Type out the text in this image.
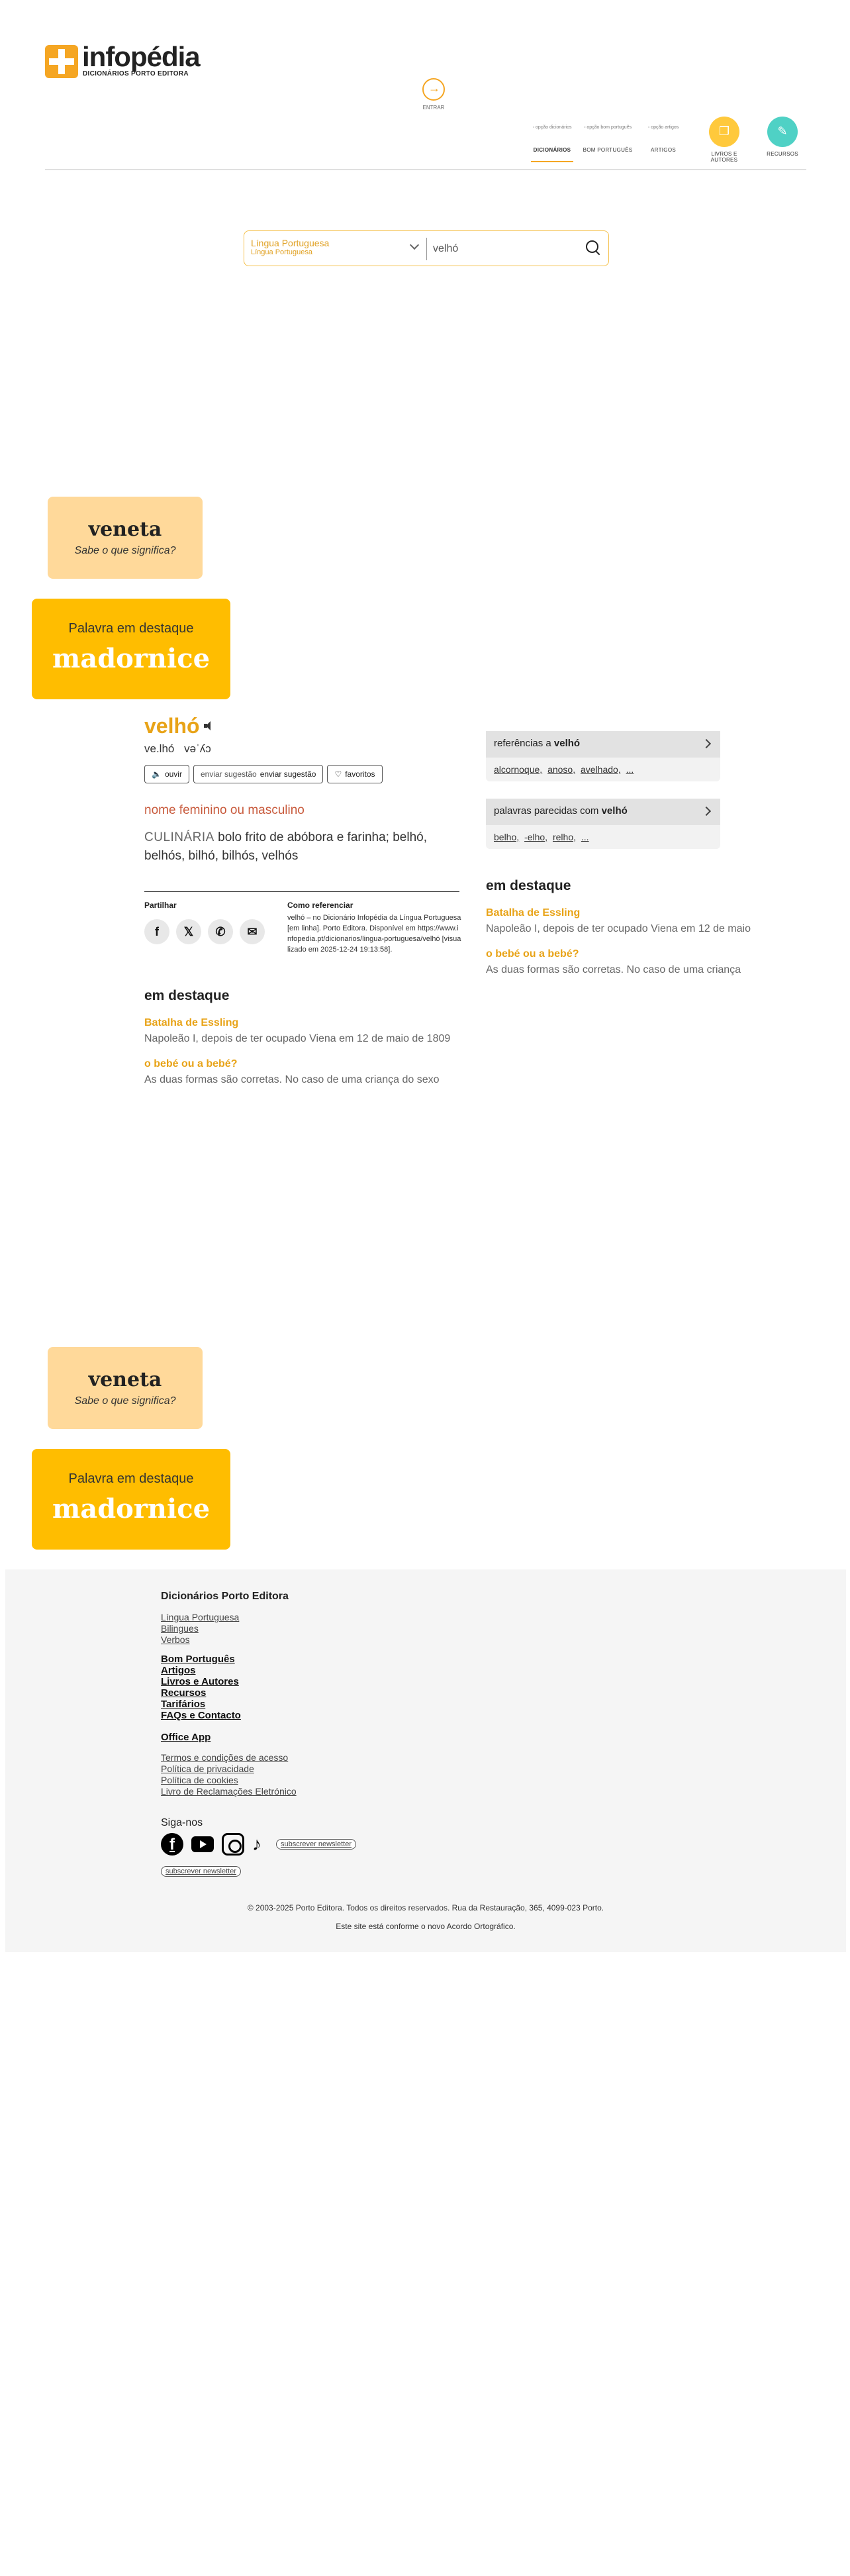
infopédia
DICIONÁRIOS PORTO EDITORA
→
ENTRAR
▫ opção dicionários
DICIONÁRIOS
▫ opção bom português
BOM PORTUGUÊS
▫ opção artigos
ARTIGOS
❐
LIVROS E AUTORES
✎
RECURSOS
Língua Portuguesa
Língua Portuguesa
velhó
veneta
Sabe o que significa?
Palavra em destaque
madornice
velhó
ve.lhó vəˈʎɔ
🔈 ouvir enviar sugestão enviar sugestão ♡ favoritos
nome feminino ou masculino
CULINÁRIA bolo frito de abóbora e farinha; belhó, belhós, bilhó, bilhós, velhós
Partilhar
f	𝕏	✆	✉
Como referenciar
velhó – no Dicionário Infopédia da Língua Portuguesa [em linha]. Porto Editora. Disponível em https://www.infopedia.pt/dicionarios/lingua-portuguesa/velhó [visualizado em 2025-12-24 19:13:58].
em destaque
Batalha de Essling
Napoleão I, depois de ter ocupado Viena em 12 de maio de 1809
o bebé ou a bebé?
As duas formas são corretas. No caso de uma criança do sexo
referências a velhó
alcornoque, anoso, avelhado, ...
palavras parecidas com velhó
belho, -elho, relho, ...
em destaque
Batalha de Essling
Napoleão I, depois de ter ocupado Viena em 12 de maio
o bebé ou a bebé?
As duas formas são corretas. No caso de uma criança
veneta
Sabe o que significa?
Palavra em destaque
madornice
Dicionários Porto Editora
Língua Portuguesa
Bilingues
Verbos
Bom Português
Artigos
Livros e Autores
Recursos
Tarifários
FAQs e Contacto
Office App
Termos e condições de acesso
Política de privacidade
Política de cookies
Livro de Reclamações Eletrónico
Siga-nos
f	♪	subscrever newsletter
subscrever newsletter
© 2003-2025 Porto Editora. Todos os direitos reservados. Rua da Restauração, 365, 4099-023 Porto.
Este site está conforme o novo Acordo Ortográfico.
